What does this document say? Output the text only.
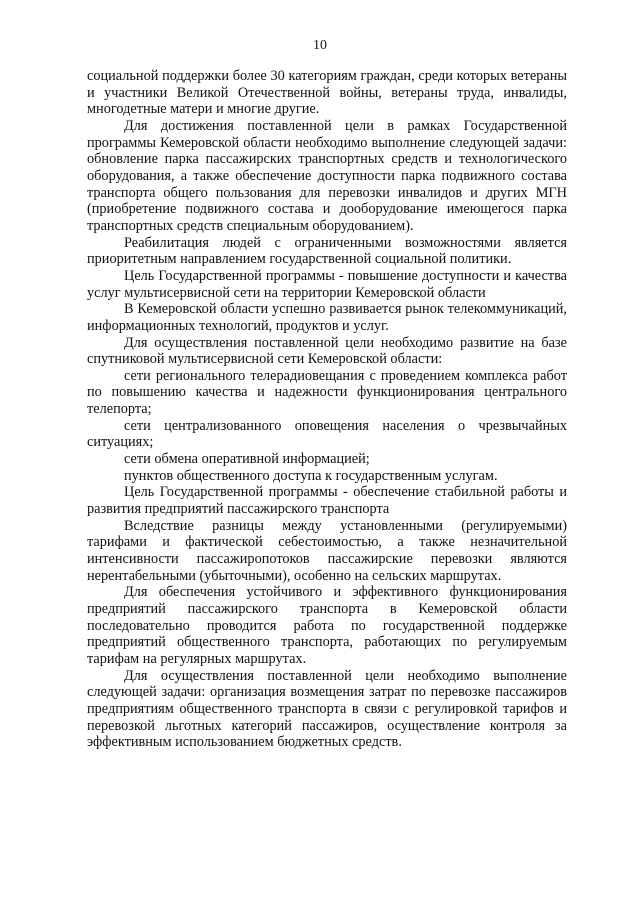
10

социальной поддержки более 30 категориям граждан, среди которых ветераны и участники Великой Отечественной войны, ветераны труда, инвалиды, многодетные матери и многие другие.

Для достижения поставленной цели в рамках Государственной программы Кемеровской области необходимо выполнение следующей задачи: обновление парка пассажирских транспортных средств и технологического оборудования, а также обеспечение доступности парка подвижного состава транспорта общего пользования для перевозки инвалидов и других МГН (приобретение подвижного состава и дооборудование имеющегося парка транспортных средств специальным оборудованием).

Реабилитация людей с ограниченными возможностями является приоритетным направлением государственной социальной политики.

Цель Государственной программы - повышение доступности и качества услуг мультисервисной сети на территории Кемеровской области

В Кемеровской области успешно развивается рынок телекоммуникаций, информационных технологий, продуктов и услуг.

Для осуществления поставленной цели необходимо развитие на базе спутниковой мультисервисной сети Кемеровской области:

сети регионального телерадиовещания с проведением комплекса работ по повышению качества и надежности функционирования центрального телепорта;

сети централизованного оповещения населения о чрезвычайных ситуациях;

сети обмена оперативной информацией;

пунктов общественного доступа к государственным услугам.

Цель Государственной программы - обеспечение стабильной работы и развития предприятий пассажирского транспорта

Вследствие разницы между установленными (регулируемыми) тарифами и фактической себестоимостью, а также незначительной интенсивности пассажиропотоков пассажирские перевозки являются нерентабельными (убыточными), особенно на сельских маршрутах.

Для обеспечения устойчивого и эффективного функционирования предприятий пассажирского транспорта в Кемеровской области последовательно проводится работа по государственной поддержке предприятий общественного транспорта, работающих по регулируемым тарифам на регулярных маршрутах.

Для осуществления поставленной цели необходимо выполнение следующей задачи: организация возмещения затрат по перевозке пассажиров предприятиям общественного транспорта в связи с регулировкой тарифов и перевозкой льготных категорий пассажиров, осуществление контроля за эффективным использованием бюджетных средств.
